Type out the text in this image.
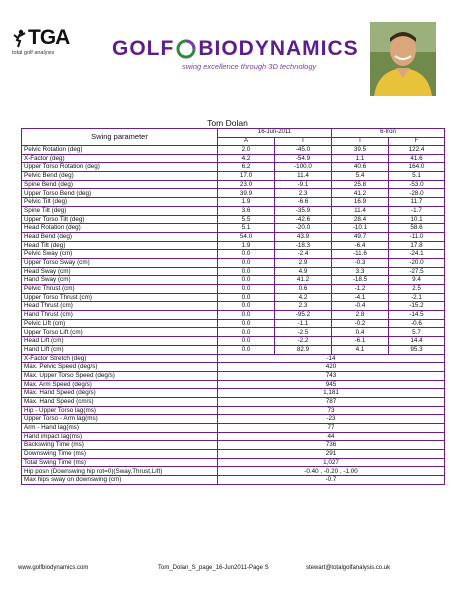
TGA
total golf analysis	GOLF BIODYNAMICS
swing excellence through 3D technology
Tom Dolan
Swing parameter	16-Jun-2011		6-Iron	
	A	T	I	F
Pelvic Rotation (deg)	2.0	-45.0	39.5	122.4
X-Factor (deg)	4.2	-54.9	1.1	41.6
Upper Torso Rotation (deg)	6.2	-100.0	40.6	164.0
Pelvic Bend (deg)	17.0	11.4	5.4	5.1
Spine Bend (deg)	23.0	-9.1	25.8	-53.0
Upper Torso Bend (deg)	39.9	2.3	41.2	-28.0
Pelvic Tilt (deg)	1.9	-6.6	16.9	11.7
Spine Tilt (deg)	3.6	-35.9	11.4	-1.7
Upper Torso Tilt (deg)	5.5	-42.6	28.4	10.1
Head Rotation (deg)	5.1	-20.0	-10.1	58.6
Head Bend (deg)	54.0	43.9	49.7	-11.0
Head Tilt (deg)	1.9	-18.3	-6.4	17.8
Pelvic Sway (cm)	0.0	-2.4	-11.6	-24.1
Upper Torso Sway (cm)	0.0	2.9	-0.3	-20.0
Head Sway (cm)	0.0	4.9	3.3	-27.5
Hand Sway (cm)	0.0	41.2	-18.5	9.4
Pelvic Thrust (cm)	0.0	0.6	-1.2	2.5
Upper Torso Thrust (cm)	0.0	4.2	-4.1	-2.1
Head Thrust (cm)	0.0	2.3	-0.4	-15.2
Hand Thrust (cm)	0.0	-95.2	2.8	-14.5
Pelvic Lift (cm)	0.0	-1.1	-0.2	-0.6
Upper Torso Lift (cm)	0.0	-2.5	0.4	5.7
Head Lift (cm)	0.0	-2.2	-6.1	14.4
Hand Lift (cm)	0.0	82.9	4.1	95.3
X-Factor Stretch (deg)	-14			
Max. Pelvic Speed (deg/s)	420			
Max. Upper Torso Speed (deg/s)	743			
Max. Arm Speed (deg/s)	945			
Max. Hand Speed (deg/s)	1,181			
Max. Hand Speed (cm/s)	787			
Hip - Upper Torso lag(ms)	73			
Upper Torso - Arm lag(ms)	-23			
Arm - Hand lag(ms)	77			
Hand impact lag(ms)	44			
Backswing Time (ms)	736			
Downswing Time (ms)	291			
Total Swing Time (ms)	1,027			
Hip posn (Downswing hip rot=0)(Sway,Thrust,Lift)	-0.40 , -0.20 , -1.00			
Max hips sway on downswing (cm)	-0.7			
www.golfbiodynamics.com	Tom_Dolan_S_page_16-Jun2011-Page S	stewart@totalgolfanalysis.co.uk
